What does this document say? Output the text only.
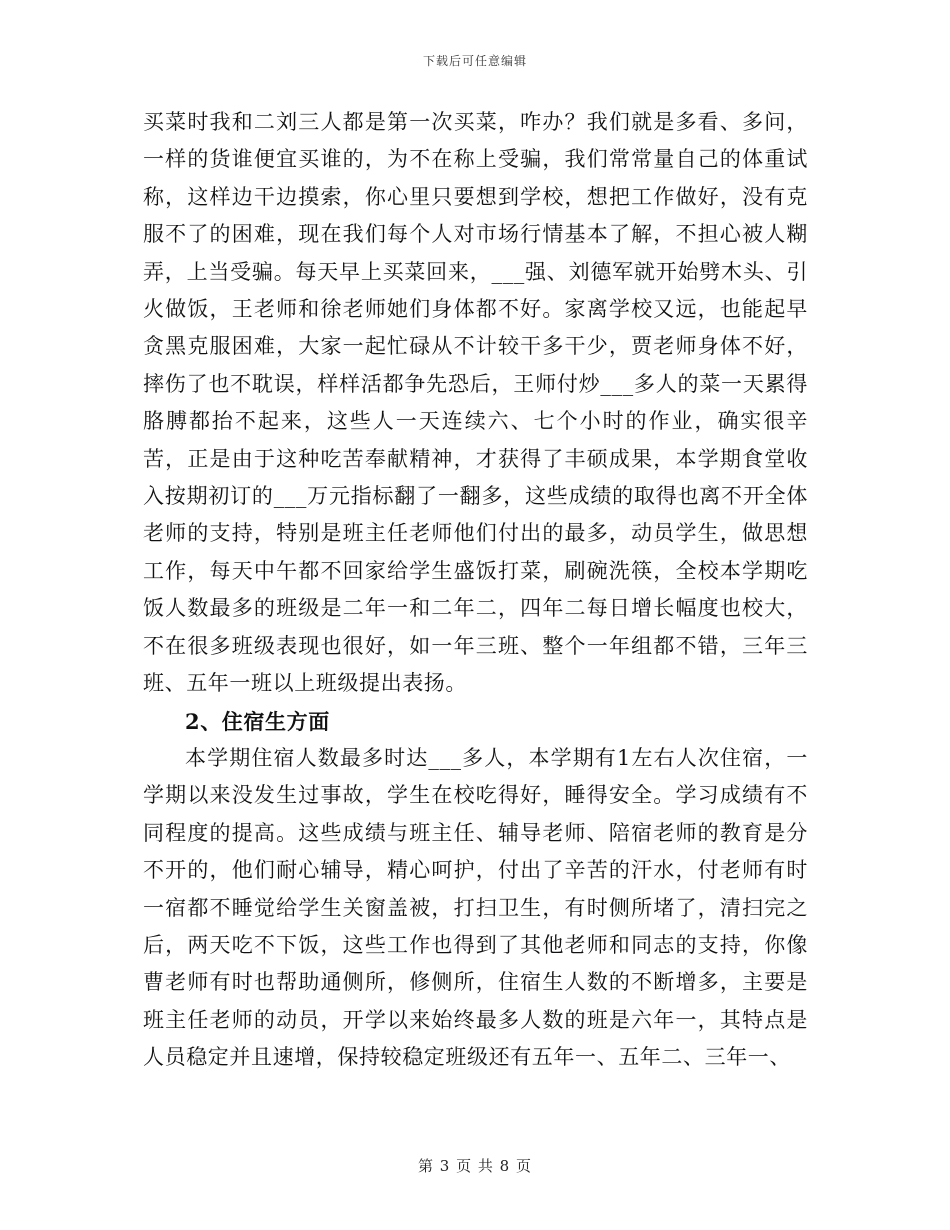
下载后可任意编辑

买菜时我和二刘三人都是第一次买菜，咋办？我们就是多看、多问，一样的货谁便宜买谁的，为不在称上受骗，我们常常量自己的体重试称，这样边干边摸索，你心里只要想到学校，想把工作做好，没有克服不了的困难，现在我们每个人对市场行情基本了解，不担心被人糊弄，上当受骗。每天早上买菜回来，___强、刘德军就开始劈木头、引火做饭，王老师和徐老师她们身体都不好。家离学校又远，也能起早贪黑克服困难，大家一起忙碌从不计较干多干少，贾老师身体不好，摔伤了也不耽误，样样活都争先恐后，王师付炒___多人的菜一天累得胳膊都抬不起来，这些人一天连续六、七个小时的作业，确实很辛苦，正是由于这种吃苦奉献精神，才获得了丰硕成果，本学期食堂收入按期初订的___万元指标翻了一翻多，这些成绩的取得也离不开全体老师的支持，特别是班主任老师他们付出的最多，动员学生，做思想工作，每天中午都不回家给学生盛饭打菜，刷碗洗筷，全校本学期吃饭人数最多的班级是二年一和二年二，四年二每日增长幅度也校大，不在很多班级表现也很好，如一年三班、整个一年组都不错，三年三班、五年一班以上班级提出表扬。

2、住宿生方面

本学期住宿人数最多时达___多人，本学期有1左右人次住宿，一学期以来没发生过事故，学生在校吃得好，睡得安全。学习成绩有不同程度的提高。这些成绩与班主任、辅导老师、陪宿老师的教育是分不开的，他们耐心辅导，精心呵护，付出了辛苦的汗水，付老师有时一宿都不睡觉给学生关窗盖被，打扫卫生，有时侧所堵了，清扫完之后，两天吃不下饭，这些工作也得到了其他老师和同志的支持，你像曹老师有时也帮助通侧所，修侧所，住宿生人数的不断增多，主要是班主任老师的动员，开学以来始终最多人数的班是六年一，其特点是人员稳定并且速增，保持较稳定班级还有五年一、五年二、三年一、

第 3 页 共 8 页
